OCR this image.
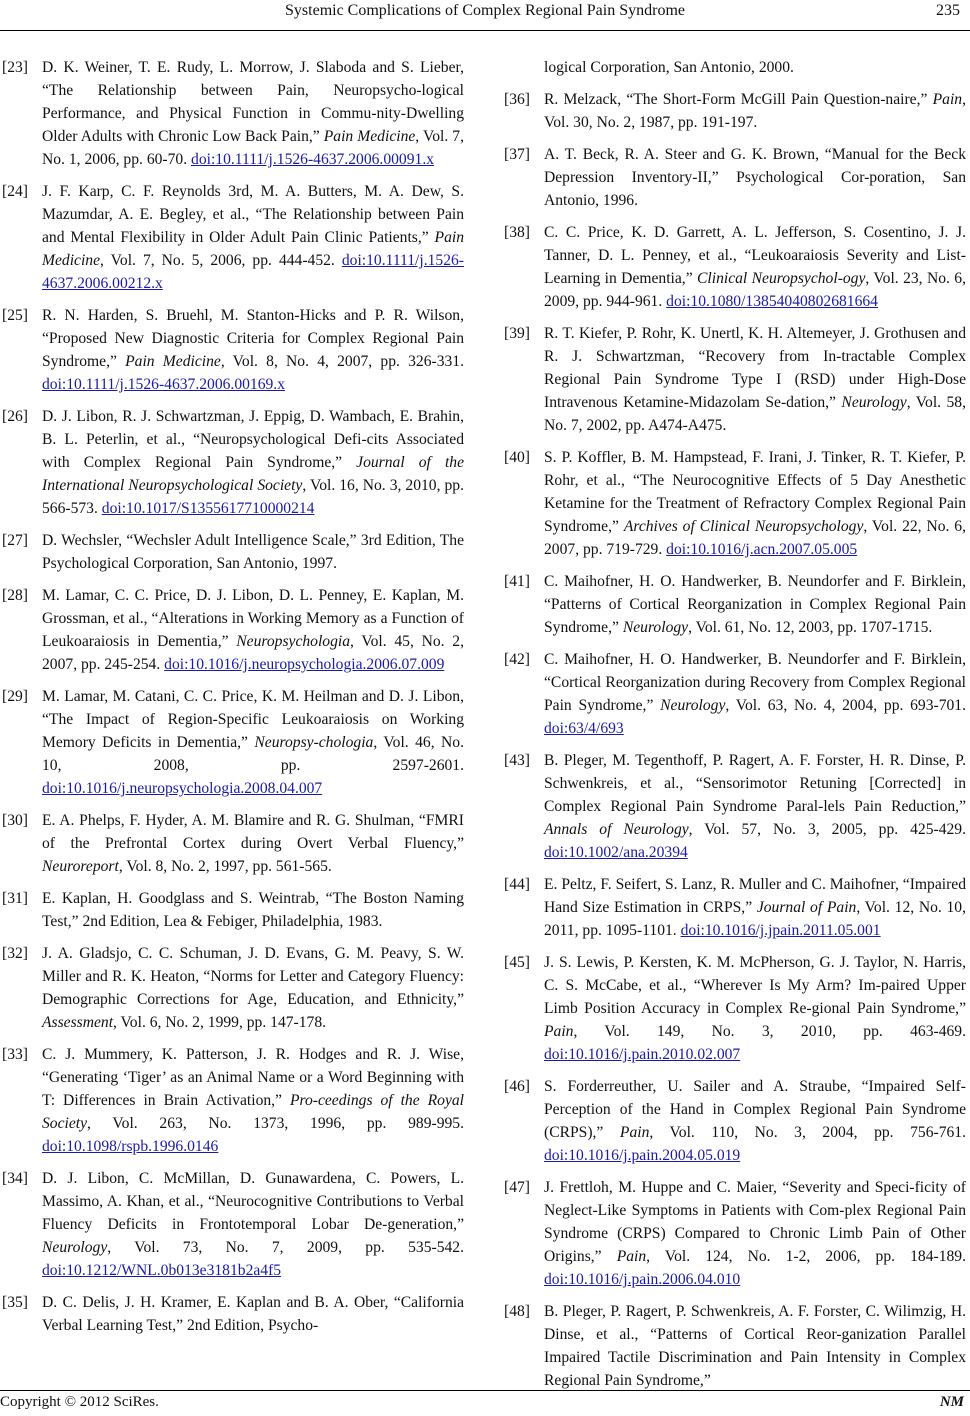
Systemic Complications of Complex Regional Pain Syndrome	235
[23] D. K. Weiner, T. E. Rudy, L. Morrow, J. Slaboda and S. Lieber, “The Relationship between Pain, Neuropsycho-logical Performance, and Physical Function in Commu-nity-Dwelling Older Adults with Chronic Low Back Pain,” Pain Medicine, Vol. 7, No. 1, 2006, pp. 60-70. doi:10.1111/j.1526-4637.2006.00091.x
[24] J. F. Karp, C. F. Reynolds 3rd, M. A. Butters, M. A. Dew, S. Mazumdar, A. E. Begley, et al., “The Relationship between Pain and Mental Flexibility in Older Adult Pain Clinic Patients,” Pain Medicine, Vol. 7, No. 5, 2006, pp. 444-452. doi:10.1111/j.1526-4637.2006.00212.x
[25] R. N. Harden, S. Bruehl, M. Stanton-Hicks and P. R. Wilson, “Proposed New Diagnostic Criteria for Complex Regional Pain Syndrome,” Pain Medicine, Vol. 8, No. 4, 2007, pp. 326-331. doi:10.1111/j.1526-4637.2006.00169.x
[26] D. J. Libon, R. J. Schwartzman, J. Eppig, D. Wambach, E. Brahin, B. L. Peterlin, et al., “Neuropsychological Defi-cits Associated with Complex Regional Pain Syndrome,” Journal of the International Neuropsychological Society, Vol. 16, No. 3, 2010, pp. 566-573. doi:10.1017/S1355617710000214
[27] D. Wechsler, “Wechsler Adult Intelligence Scale,” 3rd Edition, The Psychological Corporation, San Antonio, 1997.
[28] M. Lamar, C. C. Price, D. J. Libon, D. L. Penney, E. Kaplan, M. Grossman, et al., “Alterations in Working Memory as a Function of Leukoaraiosis in Dementia,” Neuropsychologia, Vol. 45, No. 2, 2007, pp. 245-254. doi:10.1016/j.neuropsychologia.2006.07.009
[29] M. Lamar, M. Catani, C. C. Price, K. M. Heilman and D. J. Libon, “The Impact of Region-Specific Leukoaraiosis on Working Memory Deficits in Dementia,” Neuropsy-chologia, Vol. 46, No. 10, 2008, pp. 2597-2601. doi:10.1016/j.neuropsychologia.2008.04.007
[30] E. A. Phelps, F. Hyder, A. M. Blamire and R. G. Shulman, “FMRI of the Prefrontal Cortex during Overt Verbal Fluency,” Neuroreport, Vol. 8, No. 2, 1997, pp. 561-565.
[31] E. Kaplan, H. Goodglass and S. Weintrab, “The Boston Naming Test,” 2nd Edition, Lea & Febiger, Philadelphia, 1983.
[32] J. A. Gladsjo, C. C. Schuman, J. D. Evans, G. M. Peavy, S. W. Miller and R. K. Heaton, “Norms for Letter and Category Fluency: Demographic Corrections for Age, Education, and Ethnicity,” Assessment, Vol. 6, No. 2, 1999, pp. 147-178.
[33] C. J. Mummery, K. Patterson, J. R. Hodges and R. J. Wise, “Generating ‘Tiger’ as an Animal Name or a Word Beginning with T: Differences in Brain Activation,” Pro-ceedings of the Royal Society, Vol. 263, No. 1373, 1996, pp. 989-995. doi:10.1098/rspb.1996.0146
[34] D. J. Libon, C. McMillan, D. Gunawardena, C. Powers, L. Massimo, A. Khan, et al., “Neurocognitive Contributions to Verbal Fluency Deficits in Frontotemporal Lobar De-generation,” Neurology, Vol. 73, No. 7, 2009, pp. 535-542. doi:10.1212/WNL.0b013e3181b2a4f5
[35] D. C. Delis, J. H. Kramer, E. Kaplan and B. A. Ober, “California Verbal Learning Test,” 2nd Edition, Psycho-
logical Corporation, San Antonio, 2000.
[36] R. Melzack, “The Short-Form McGill Pain Question-naire,” Pain, Vol. 30, No. 2, 1987, pp. 191-197.
[37] A. T. Beck, R. A. Steer and G. K. Brown, “Manual for the Beck Depression Inventory-II,” Psychological Cor-poration, San Antonio, 1996.
[38] C. C. Price, K. D. Garrett, A. L. Jefferson, S. Cosentino, J. J. Tanner, D. L. Penney, et al., “Leukoaraiosis Severity and List-Learning in Dementia,” Clinical Neuropsychol-ogy, Vol. 23, No. 6, 2009, pp. 944-961. doi:10.1080/13854040802681664
[39] R. T. Kiefer, P. Rohr, K. Unertl, K. H. Altemeyer, J. Grothusen and R. J. Schwartzman, “Recovery from In-tractable Complex Regional Pain Syndrome Type I (RSD) under High-Dose Intravenous Ketamine-Midazolam Se-dation,” Neurology, Vol. 58, No. 7, 2002, pp. A474-A475.
[40] S. P. Koffler, B. M. Hampstead, F. Irani, J. Tinker, R. T. Kiefer, P. Rohr, et al., “The Neurocognitive Effects of 5 Day Anesthetic Ketamine for the Treatment of Refractory Complex Regional Pain Syndrome,” Archives of Clinical Neuropsychology, Vol. 22, No. 6, 2007, pp. 719-729. doi:10.1016/j.acn.2007.05.005
[41] C. Maihofner, H. O. Handwerker, B. Neundorfer and F. Birklein, “Patterns of Cortical Reorganization in Complex Regional Pain Syndrome,” Neurology, Vol. 61, No. 12, 2003, pp. 1707-1715.
[42] C. Maihofner, H. O. Handwerker, B. Neundorfer and F. Birklein, “Cortical Reorganization during Recovery from Complex Regional Pain Syndrome,” Neurology, Vol. 63, No. 4, 2004, pp. 693-701. doi:63/4/693
[43] B. Pleger, M. Tegenthoff, P. Ragert, A. F. Forster, H. R. Dinse, P. Schwenkreis, et al., “Sensorimotor Retuning [Corrected] in Complex Regional Pain Syndrome Paral-lels Pain Reduction,” Annals of Neurology, Vol. 57, No. 3, 2005, pp. 425-429. doi:10.1002/ana.20394
[44] E. Peltz, F. Seifert, S. Lanz, R. Muller and C. Maihofner, “Impaired Hand Size Estimation in CRPS,” Journal of Pain, Vol. 12, No. 10, 2011, pp. 1095-1101. doi:10.1016/j.jpain.2011.05.001
[45] J. S. Lewis, P. Kersten, K. M. McPherson, G. J. Taylor, N. Harris, C. S. McCabe, et al., “Wherever Is My Arm? Im-paired Upper Limb Position Accuracy in Complex Re-gional Pain Syndrome,” Pain, Vol. 149, No. 3, 2010, pp. 463-469. doi:10.1016/j.pain.2010.02.007
[46] S. Forderreuther, U. Sailer and A. Straube, “Impaired Self-Perception of the Hand in Complex Regional Pain Syndrome (CRPS),” Pain, Vol. 110, No. 3, 2004, pp. 756-761. doi:10.1016/j.pain.2004.05.019
[47] J. Frettloh, M. Huppe and C. Maier, “Severity and Speci-ficity of Neglect-Like Symptoms in Patients with Com-plex Regional Pain Syndrome (CRPS) Compared to Chronic Limb Pain of Other Origins,” Pain, Vol. 124, No. 1-2, 2006, pp. 184-189. doi:10.1016/j.pain.2006.04.010
[48] B. Pleger, P. Ragert, P. Schwenkreis, A. F. Forster, C. Wilimzig, H. Dinse, et al., “Patterns of Cortical Reor-ganization Parallel Impaired Tactile Discrimination and Pain Intensity in Complex Regional Pain Syndrome,”
Copyright © 2012 SciRes.	NM
